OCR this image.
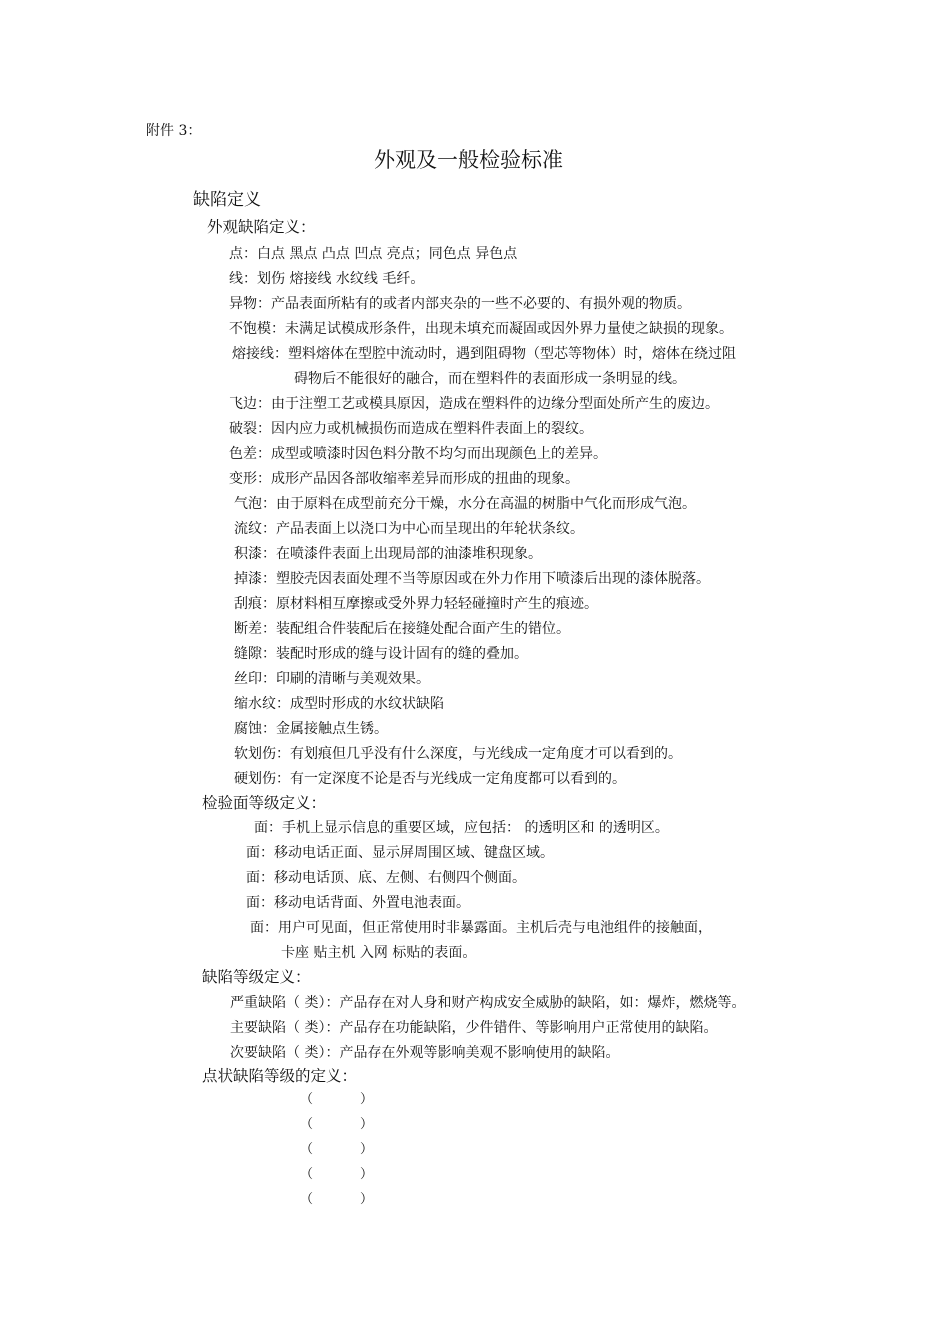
附件 3：
外观及一般检验标准
缺陷定义
外观缺陷定义：
点：白点 黑点 凸点 凹点 亮点；同色点 异色点
线：划伤 熔接线 水纹线 毛纤。
异物：产品表面所粘有的或者内部夹杂的一些不必要的、有损外观的物质。
不饱模：未满足试模成形条件，出现未填充而凝固或因外界力量使之缺损的现象。
熔接线：塑料熔体在型腔中流动时，遇到阻碍物（型芯等物体）时，熔体在绕过阻
碍物后不能很好的融合，而在塑料件的表面形成一条明显的线。
飞边：由于注塑工艺或模具原因，造成在塑料件的边缘分型面处所产生的废边。
破裂：因内应力或机械损伤而造成在塑料件表面上的裂纹。
色差：成型或喷漆时因色料分散不均匀而出现颜色上的差异。
变形：成形产品因各部收缩率差异而形成的扭曲的现象。
气泡：由于原料在成型前充分干燥，水分在高温的树脂中气化而形成气泡。
流纹：产品表面上以浇口为中心而呈现出的年轮状条纹。
积漆：在喷漆件表面上出现局部的油漆堆积现象。
掉漆：塑胶壳因表面处理不当等原因或在外力作用下喷漆后出现的漆体脱落。
刮痕：原材料相互摩擦或受外界力轻轻碰撞时产生的痕迹。
断差：装配组合件装配后在接缝处配合面产生的错位。
缝隙：装配时形成的缝与设计固有的缝的叠加。
丝印：印刷的清晰与美观效果。
缩水纹：成型时形成的水纹状缺陷
腐蚀：金属接触点生锈。
软划伤：有划痕但几乎没有什么深度，与光线成一定角度才可以看到的。
硬划伤：有一定深度不论是否与光线成一定角度都可以看到的。
检验面等级定义：
面：手机上显示信息的重要区域，应包括： 的透明区和 的透明区。
面：移动电话正面、显示屏周围区域、键盘区域。
面：移动电话顶、底、左侧、右侧四个侧面。
面：移动电话背面、外置电池表面。
面：用户可见面，但正常使用时非暴露面。主机后壳与电池组件的接触面，
卡座 贴主机 入网 标贴的表面。
缺陷等级定义：
严重缺陷（ 类）：产品存在对人身和财产构成安全威胁的缺陷，如：爆炸，燃烧等。
主要缺陷（ 类）：产品存在功能缺陷，少件错件、等影响用户正常使用的缺陷。
次要缺陷（ 类）：产品存在外观等影响美观不影响使用的缺陷。
点状缺陷等级的定义：
（	）
（	）
（	）
（	）
（	）
